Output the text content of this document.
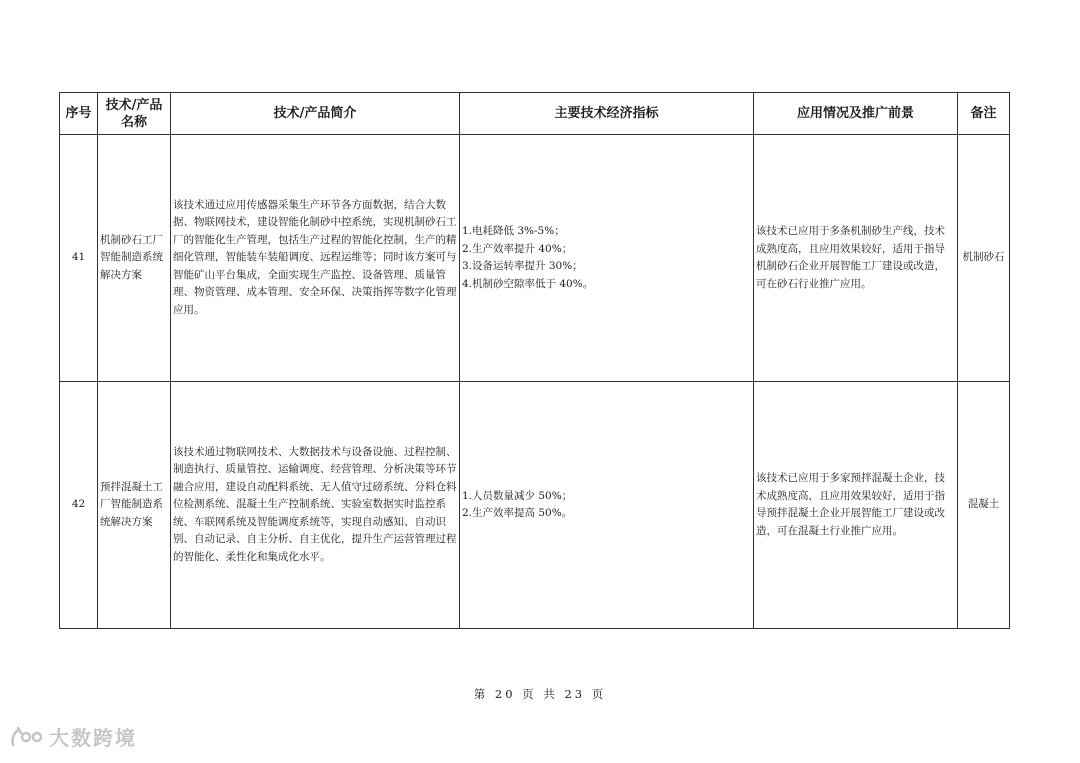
序号	技术/产品名称	技术/产品简介	主要技术经济指标	应用情况及推广前景	备注
41	机制砂石工厂智能制造系统解决方案	该技术通过应用传感器采集生产环节各方面数据，结合大数据、物联网技术，建设智能化制砂中控系统，实现机制砂石工厂的智能化生产管理，包括生产过程的智能化控制，生产的精细化管理，智能装车装船调度、远程运维等；同时该方案可与智能矿山平台集成，全面实现生产监控、设备管理、质量管理、物资管理、成本管理、安全环保、决策指挥等数字化管理应用。	1.电耗降低 3%-5%；
2.生产效率提升 40%；
3.设备运转率提升 30%；
4.机制砂空隙率低于 40%。	该技术已应用于多条机制砂生产线，技术成熟度高，且应用效果较好，适用于指导机制砂石企业开展智能工厂建设或改造，可在砂石行业推广应用。	机制砂石
42	预拌混凝土工厂智能制造系统解决方案	该技术通过物联网技术、大数据技术与设备设施、过程控制、制造执行、质量管控、运输调度、经营管理、分析决策等环节融合应用，建设自动配料系统、无人值守过磅系统、分料仓料位检测系统、混凝土生产控制系统、实验室数据实时监控系统、车联网系统及智能调度系统等，实现自动感知、自动识别、自动记录、自主分析、自主优化，提升生产运营管理过程的智能化、柔性化和集成化水平。	1.人员数量减少 50%；
2.生产效率提高 50%。	该技术已应用于多家预拌混凝土企业，技术成熟度高，且应用效果较好，适用于指导预拌混凝土企业开展智能工厂建设或改造，可在混凝土行业推广应用。	混凝土
第 20 页 共 23 页
大数跨境
